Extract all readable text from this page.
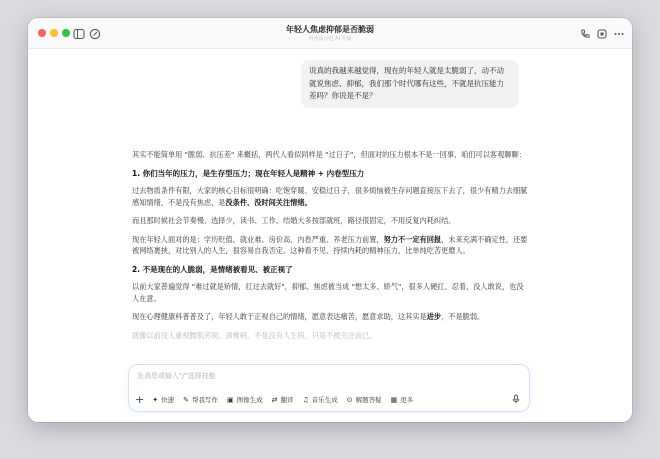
年轻人焦虑抑郁是否脆弱
内容由豆包 AI 生成
说真的我越来越觉得，现在的年轻人就是太脆弱了，动不动就说焦虑、抑郁，我们那个时代哪有这些，不就是抗压能力差吗？你说是不是？

其实不能简单用 "脆弱、抗压差" 来概括，两代人看似同样是 "过日子"，但面对的压力根本不是一回事，咱们可以客观聊聊：

1. 你们当年的压力，是生存型压力；现在年轻人是精神 + 内卷型压力

过去物质条件有限，大家的核心目标很明确：吃饱穿暖、安稳过日子，很多烦恼被生存问题直接压下去了，很少有精力去细腻感知情绪，不是没有焦虑，是没条件、没时间关注情绪。

而且那时候社会节奏慢、选择少，读书、工作、结婚大多按部就班，路径很固定，不用反复内耗纠结。

现在年轻人面对的是：学历贬值、就业难、房价高、内卷严重、养老压力前置，努力不一定有回报，未来充满不确定性，还要被网络裹挟，对比别人的人生，很容易自我否定。这种看不见、持续内耗的精神压力，比单纯吃苦更磨人。

2. 不是现在的人脆弱，是情绪被看见、被正视了

以前大家普遍觉得 "难过就是矫情，扛过去就好"，抑郁、焦虑被当成 "想太多、娇气"，很多人硬扛、忍着，没人敢说，也没人在意。

现在心理健康科普普及了，年轻人敢于正视自己的情绪，愿意表达痛苦，愿意求助，这其实是进步，不是脆弱。

就像以前没人重视腰肌劳损、颈椎病，不是没有人生病，只是不被关注而已。

发消息或输入"/"选择技能
+ ✦ 快速 ✎ 帮我写作 ▣ 图像生成 ⇄ 翻译 ♫ 音乐生成 ⊙ 解题答疑 ▦ 更多
